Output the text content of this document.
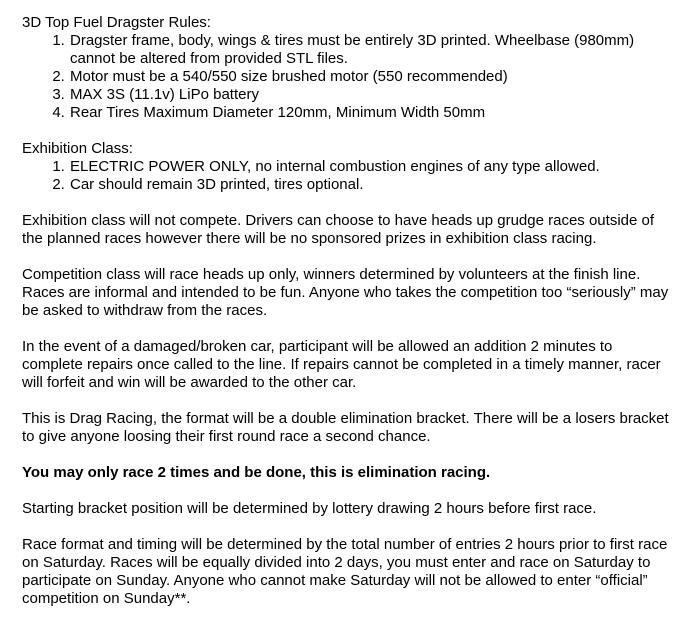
3D Top Fuel Dragster Rules:

1. Dragster frame, body, wings & tires must be entirely 3D printed. Wheelbase (980mm) cannot be altered from provided STL files.
2. Motor must be a 540/550 size brushed motor (550 recommended)
3. MAX 3S (11.1v) LiPo battery
4. Rear Tires Maximum Diameter 120mm, Minimum Width 50mm

Exhibition Class:

1. ELECTRIC POWER ONLY, no internal combustion engines of any type allowed.
2. Car should remain 3D printed, tires optional.

Exhibition class will not compete. Drivers can choose to have heads up grudge races outside of the planned races however there will be no sponsored prizes in exhibition class racing.

Competition class will race heads up only, winners determined by volunteers at the finish line. Races are informal and intended to be fun. Anyone who takes the competition too “seriously” may be asked to withdraw from the races.

In the event of a damaged/broken car, participant will be allowed an addition 2 minutes to complete repairs once called to the line. If repairs cannot be completed in a timely manner, racer will forfeit and win will be awarded to the other car.

This is Drag Racing, the format will be a double elimination bracket. There will be a losers bracket to give anyone loosing their first round race a second chance.

You may only race 2 times and be done, this is elimination racing.

Starting bracket position will be determined by lottery drawing 2 hours before first race.

Race format and timing will be determined by the total number of entries 2 hours prior to first race on Saturday. Races will be equally divided into 2 days, you must enter and race on Saturday to participate on Sunday. Anyone who cannot make Saturday will not be allowed to enter “official” competition on Sunday**.
